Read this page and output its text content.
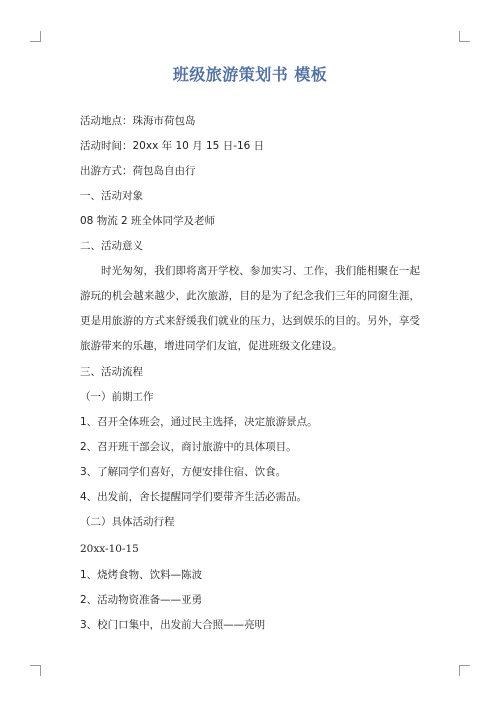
班级旅游策划书 模板
活动地点：珠海市荷包岛
活动时间：20xx 年 10 月 15 日-16 日
出游方式：荷包岛自由行
一、活动对象
08 物流 2 班全体同学及老师
二、活动意义

时光匆匆，我们即将离开学校、参加实习、工作，我们能相聚在一起游玩的机会越来越少，此次旅游，目的是为了纪念我们三年的同窗生涯，更是用旅游的方式来舒缓我们就业的压力，达到娱乐的目的。另外，享受旅游带来的乐趣，增进同学们友谊，促进班级文化建设。

三、活动流程
（一）前期工作
1、召开全体班会，通过民主选择，决定旅游景点。
2、召开班干部会议，商讨旅游中的具体项目。
3、了解同学们喜好，方便安排住宿、饮食。
4、出发前，舍长提醒同学们要带齐生活必需品。
（二）具体活动行程
20xx-10-15
1、烧烤食物、饮料—陈波
2、活动物资准备——亚勇
3、校门口集中，出发前大合照——亮明
